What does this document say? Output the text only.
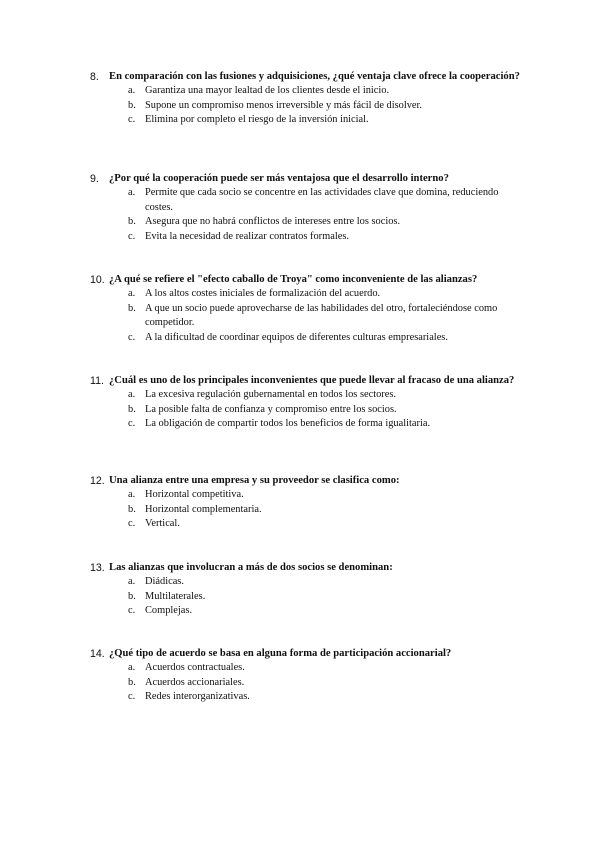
8. En comparación con las fusiones y adquisiciones, ¿qué ventaja clave ofrece la cooperación?
a. Garantiza una mayor lealtad de los clientes desde el inicio.
b. Supone un compromiso menos irreversible y más fácil de disolver.
c. Elimina por completo el riesgo de la inversión inicial.
9. ¿Por qué la cooperación puede ser más ventajosa que el desarrollo interno?
a. Permite que cada socio se concentre en las actividades clave que domina, reduciendo costes.
b. Asegura que no habrá conflictos de intereses entre los socios.
c. Evita la necesidad de realizar contratos formales.
10. ¿A qué se refiere el "efecto caballo de Troya" como inconveniente de las alianzas?
a. A los altos costes iniciales de formalización del acuerdo.
b. A que un socio puede aprovecharse de las habilidades del otro, fortaleciéndose como competidor.
c. A la dificultad de coordinar equipos de diferentes culturas empresariales.
11. ¿Cuál es uno de los principales inconvenientes que puede llevar al fracaso de una alianza?
a. La excesiva regulación gubernamental en todos los sectores.
b. La posible falta de confianza y compromiso entre los socios.
c. La obligación de compartir todos los beneficios de forma igualitaria.
12. Una alianza entre una empresa y su proveedor se clasifica como:
a. Horizontal competitiva.
b. Horizontal complementaria.
c. Vertical.
13. Las alianzas que involucran a más de dos socios se denominan:
a. Diádicas.
b. Multilaterales.
c. Complejas.
14. ¿Qué tipo de acuerdo se basa en alguna forma de participación accionarial?
a. Acuerdos contractuales.
b. Acuerdos accionariales.
c. Redes interorganizativas.
